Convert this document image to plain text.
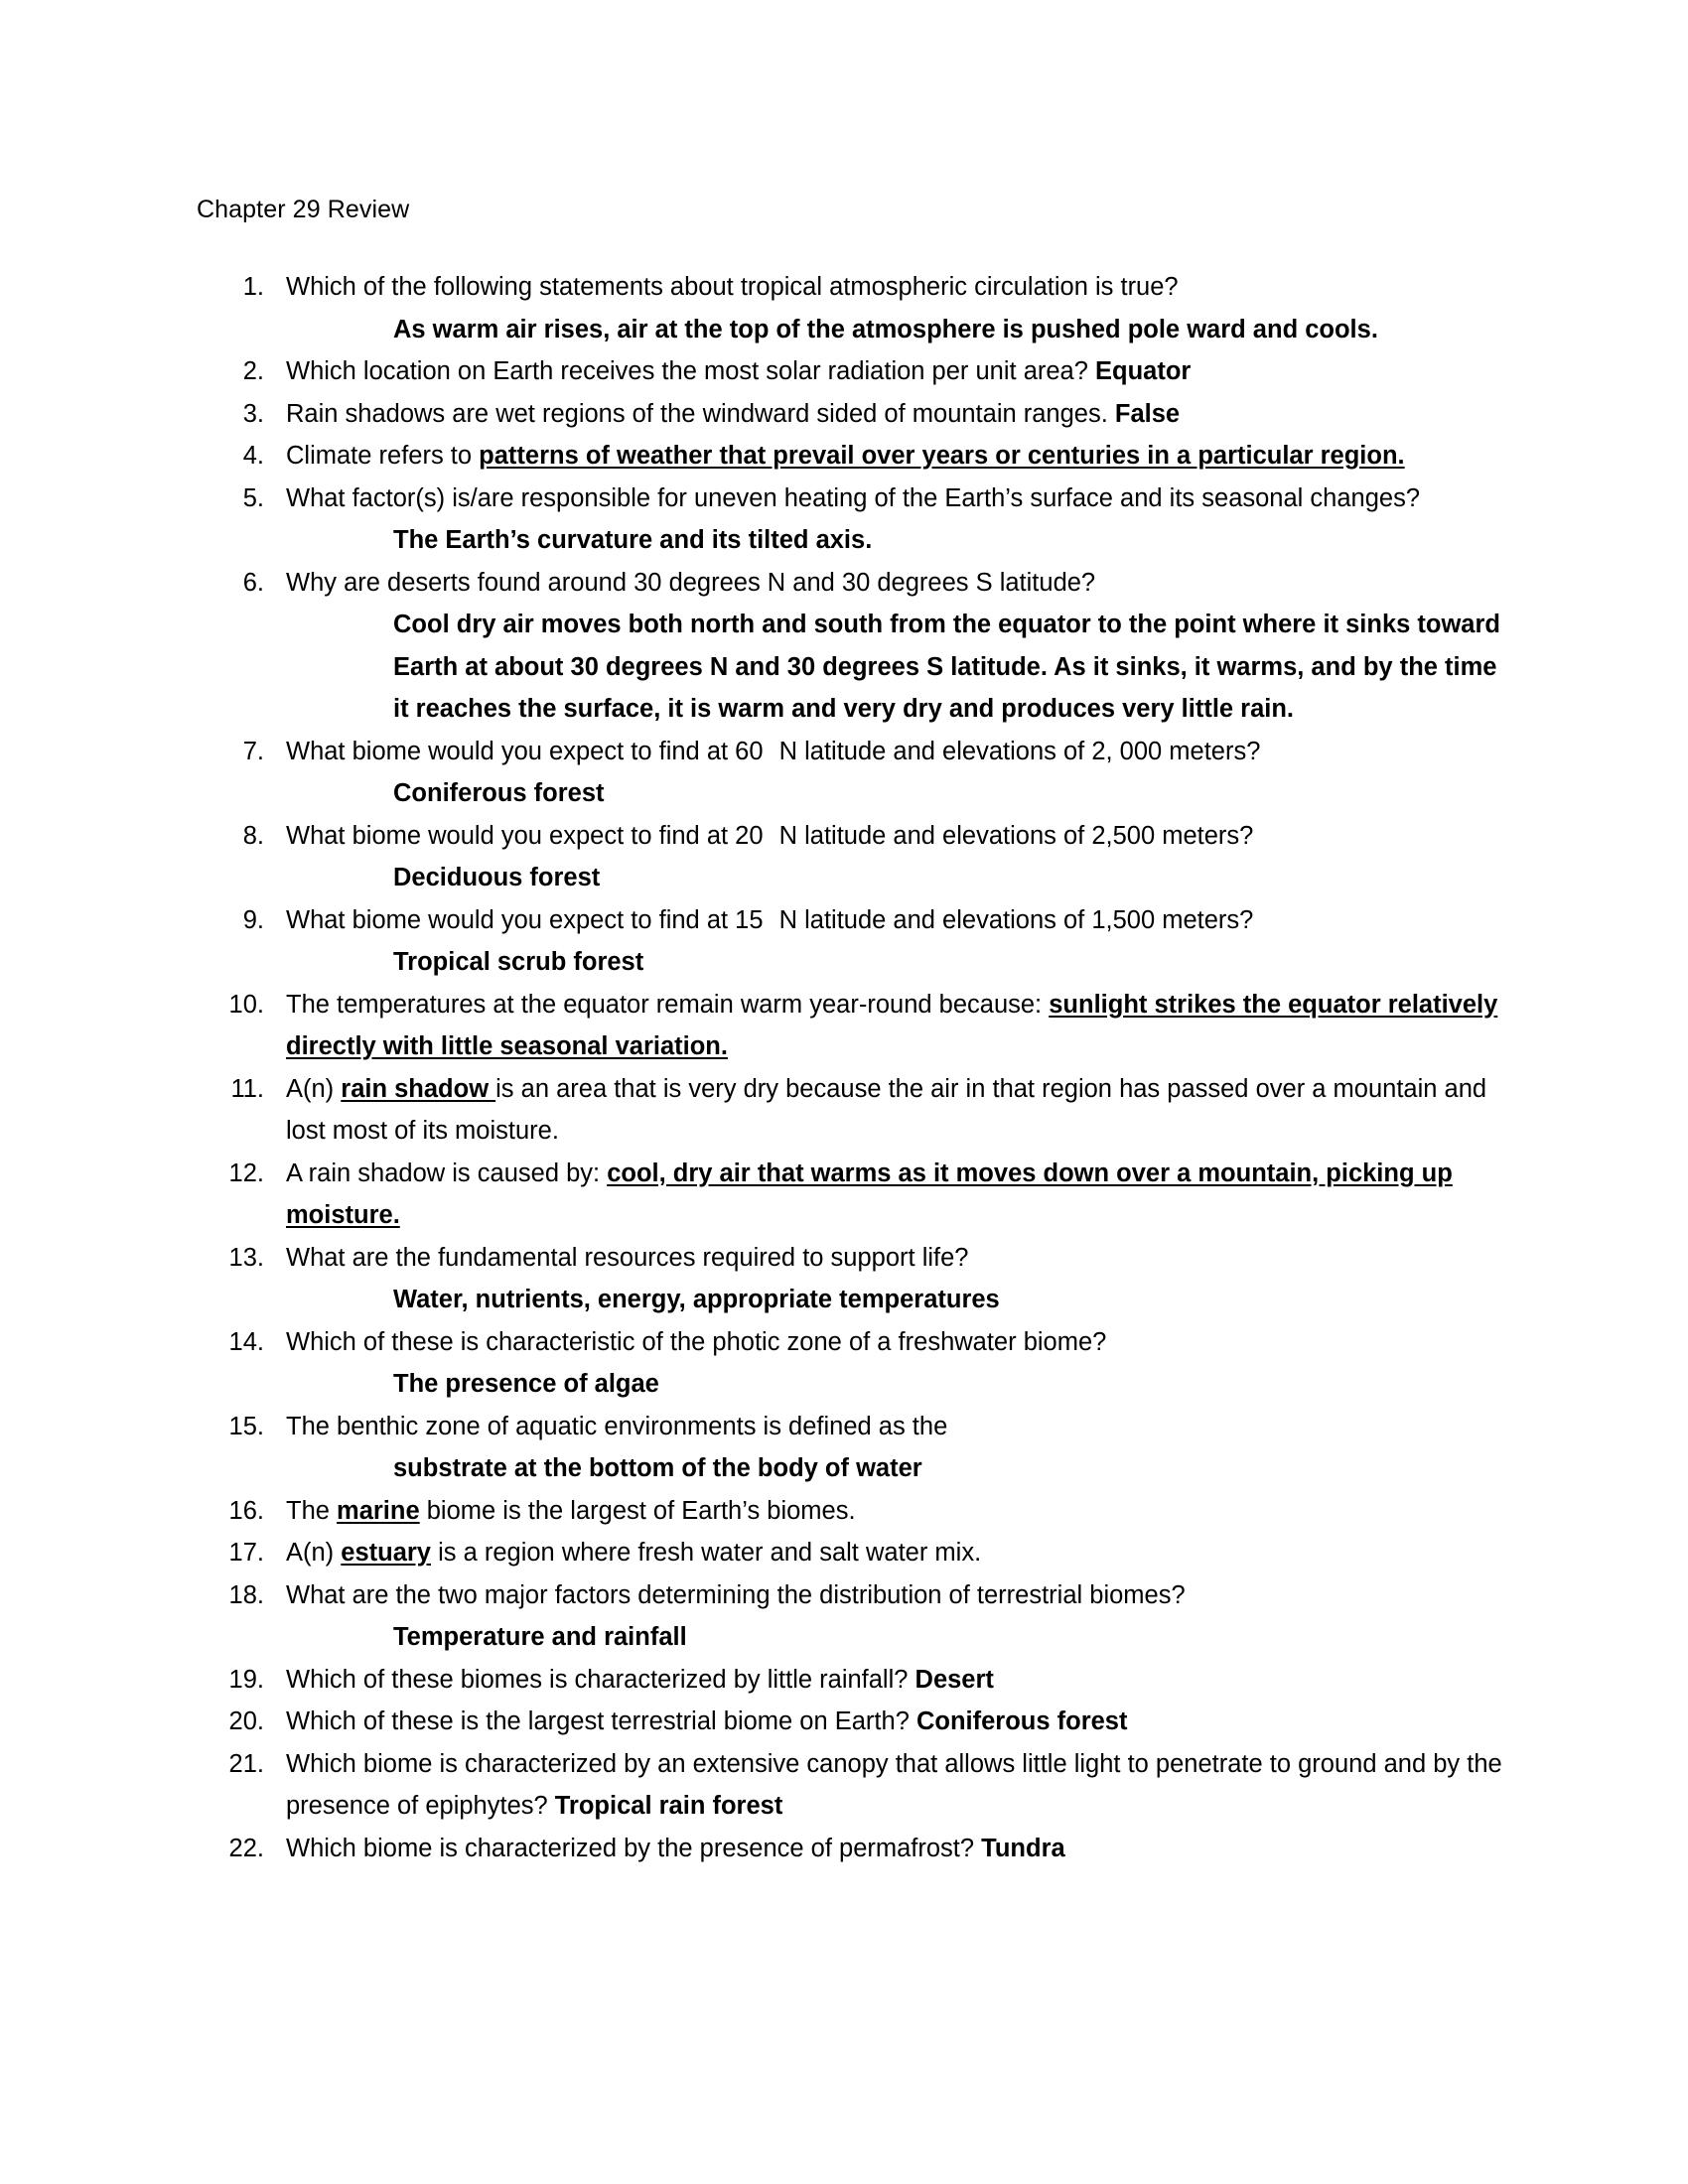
Chapter 29 Review
1. Which of the following statements about tropical atmospheric circulation is true?
As warm air rises, air at the top of the atmosphere is pushed pole ward and cools.
2. Which location on Earth receives the most solar radiation per unit area? Equator
3. Rain shadows are wet regions of the windward sided of mountain ranges. False
4. Climate refers to patterns of weather that prevail over years or centuries in a particular region.
5. What factor(s) is/are responsible for uneven heating of the Earth’s surface and its seasonal changes?
The Earth’s curvature and its tilted axis.
6. Why are deserts found around 30 degrees N and 30 degrees S latitude?
Cool dry air moves both north and south from the equator to the point where it sinks toward Earth at about 30 degrees N and 30 degrees S latitude. As it sinks, it warms, and by the time it reaches the surface, it is warm and very dry and produces very little rain.
7. What biome would you expect to find at 60 N latitude and elevations of 2, 000 meters?
Coniferous forest
8. What biome would you expect to find at 20 N latitude and elevations of 2,500 meters?
Deciduous forest
9. What biome would you expect to find at 15 N latitude and elevations of 1,500 meters?
Tropical scrub forest
10. The temperatures at the equator remain warm year-round because: sunlight strikes the equator relatively directly with little seasonal variation.
11. A(n) rain shadow is an area that is very dry because the air in that region has passed over a mountain and lost most of its moisture.
12. A rain shadow is caused by: cool, dry air that warms as it moves down over a mountain, picking up moisture.
13. What are the fundamental resources required to support life?
Water, nutrients, energy, appropriate temperatures
14. Which of these is characteristic of the photic zone of a freshwater biome?
The presence of algae
15. The benthic zone of aquatic environments is defined as the
substrate at the bottom of the body of water
16. The marine biome is the largest of Earth’s biomes.
17. A(n) estuary is a region where fresh water and salt water mix.
18. What are the two major factors determining the distribution of terrestrial biomes?
Temperature and rainfall
19. Which of these biomes is characterized by little rainfall? Desert
20. Which of these is the largest terrestrial biome on Earth? Coniferous forest
21. Which biome is characterized by an extensive canopy that allows little light to penetrate to ground and by the presence of epiphytes? Tropical rain forest
22. Which biome is characterized by the presence of permafrost? Tundra
